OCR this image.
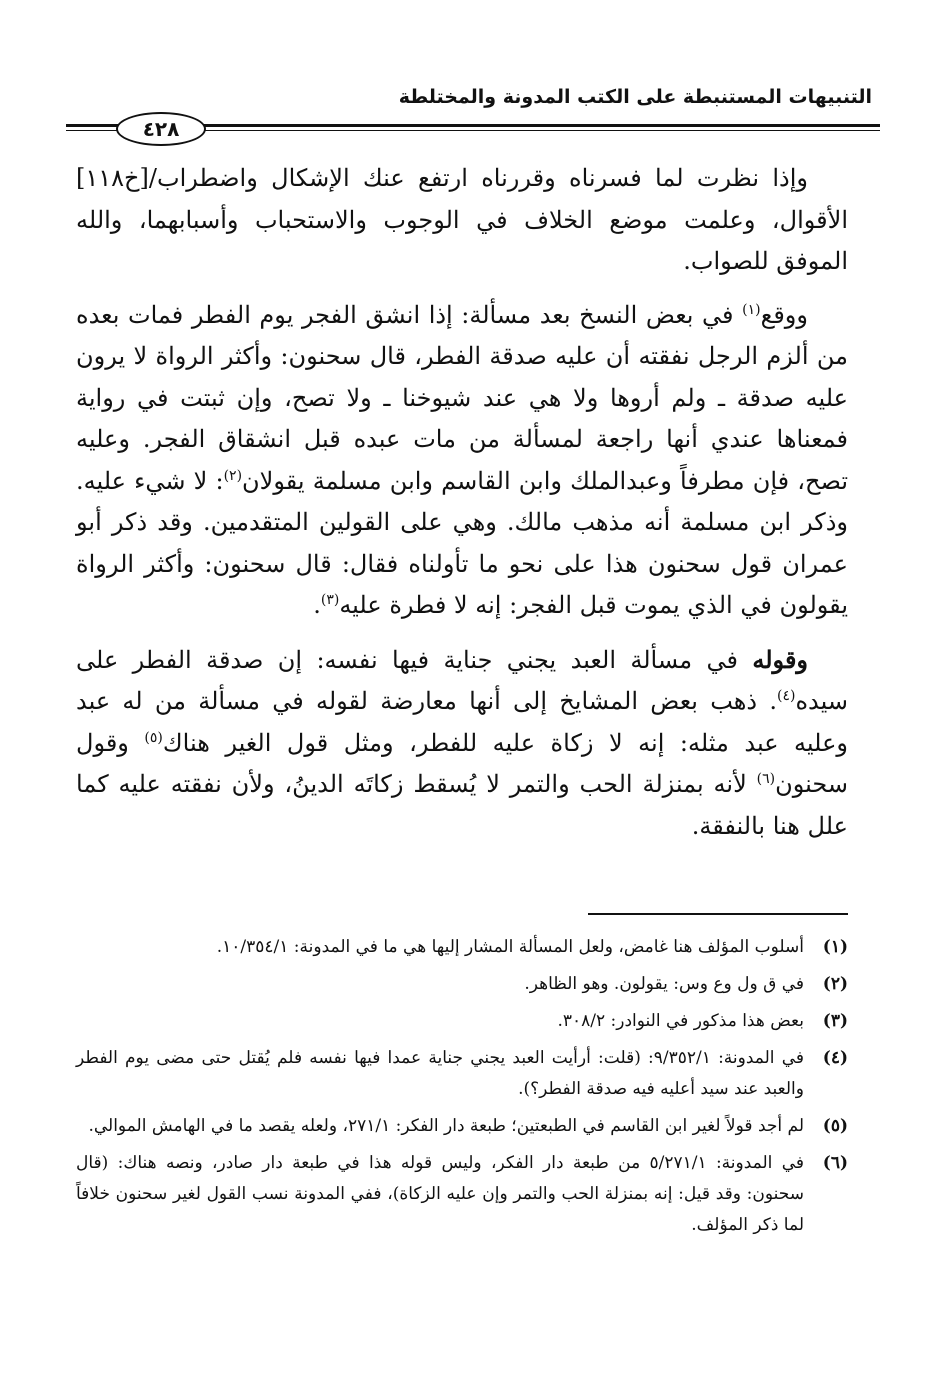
التنبيهات المستنبطة على الكتب المدونة والمختلطة
٤٢٨

وإذا نظرت لما فسرناه وقررناه ارتفع عنك الإشكال واضطراب/[خ١١٨] الأقوال، وعلمت موضع الخلاف في الوجوب والاستحباب وأسبابهما، والله الموفق للصواب.

ووقع$^{(١)}$ في بعض النسخ بعد مسألة: إذا انشق الفجر يوم الفطر فمات بعده من ألزم الرجل نفقته أن عليه صدقة الفطر، قال سحنون: وأكثر الرواة لا يرون عليه صدقة ـ ولم أروها ولا هي عند شيوخنا ـ ولا تصح، وإن ثبتت في رواية فمعناها عندي أنها راجعة لمسألة من مات عبده قبل انشقاق الفجر. وعليه تصح، فإن مطرفاً وعبدالملك وابن القاسم وابن مسلمة يقولان$^{(٢)}$: لا شيء عليه. وذكر ابن مسلمة أنه مذهب مالك. وهي على القولين المتقدمين. وقد ذكر أبو عمران قول سحنون هذا على نحو ما تأولناه فقال: قال سحنون: وأكثر الرواة يقولون في الذي يموت قبل الفجر: إنه لا فطرة عليه$^{(٣)}$.

وقوله في مسألة العبد يجني جناية فيها نفسه: إن صدقة الفطر على سيده$^{(٤)}$. ذهب بعض المشايخ إلى أنها معارضة لقوله في مسألة من له عبد وعليه عبد مثله: إنه لا زكاة عليه للفطر، ومثل قول الغير هناك$^{(٥)}$ وقول سحنون$^{(٦)}$ لأنه بمنزلة الحب والتمر لا يُسقط زكاتَه الدينُ، ولأن نفقته عليه كما علل هنا بالنفقة.

(١)
أسلوب المؤلف هنا غامض، ولعل المسألة المشار إليها هي ما في المدونة: ١٠/٣٥٤/١.
(٢)
في ق ول وع وس: يقولون. وهو الظاهر.
(٣)
بعض هذا مذكور في النوادر: ٣٠٨/٢.
(٤)
في المدونة: ٩/٣٥٢/١: (قلت: أرأيت العبد يجني جناية عمدا فيها نفسه فلم يُقتل حتى مضى يوم الفطر والعبد عند سيد أعليه فيه صدقة الفطر؟).
(٥)
لم أجد قولاً لغير ابن القاسم في الطبعتين؛ طبعة دار الفكر: ٢٧١/١، ولعله يقصد ما في الهامش الموالي.
(٦)
في المدونة: ٥/٢٧١/١ من طبعة دار الفكر، وليس قوله هذا في طبعة دار صادر، ونصه هناك: (قال سحنون: وقد قيل: إنه بمنزلة الحب والتمر وإن عليه الزكاة)، ففي المدونة نسب القول لغير سحنون خلافاً لما ذكر المؤلف.
